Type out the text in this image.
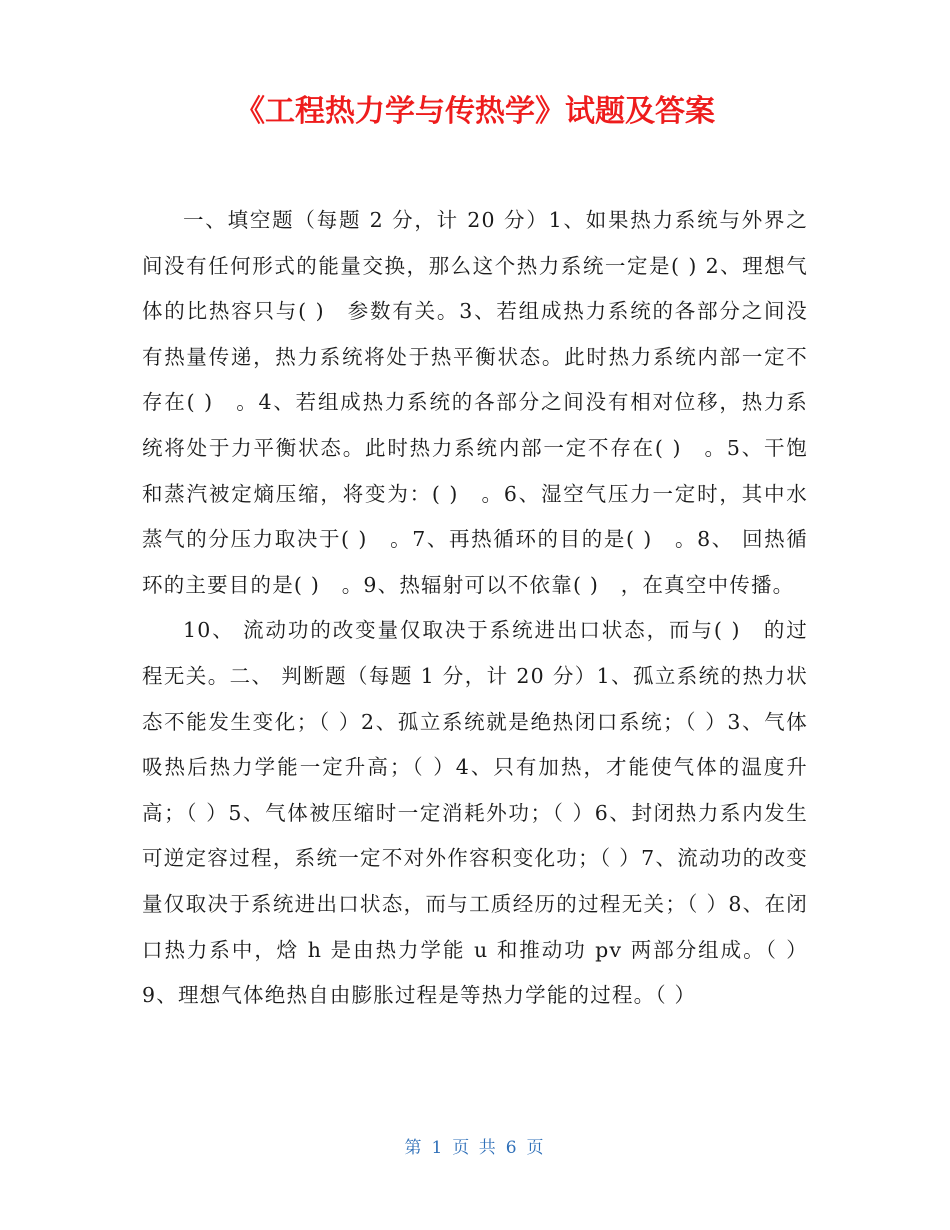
《工程热力学与传热学》试题及答案

一、填空题（每题 2 分，计 20 分）1、如果热力系统与外界之间没有任何形式的能量交换，那么这个热力系统一定是( ) 2、理想气体的比热容只与( )　参数有关。3、若组成热力系统的各部分之间没有热量传递，热力系统将处于热平衡状态。此时热力系统内部一定不存在( )　。4、若组成热力系统的各部分之间没有相对位移，热力系统将处于力平衡状态。此时热力系统内部一定不存在( )　。5、干饱和蒸汽被定熵压缩，将变为：( )　。6、湿空气压力一定时，其中水蒸气的分压力取决于( )　。7、再热循环的目的是( )　。8、 回热循环的主要目的是( )　。9、热辐射可以不依靠( )　，在真空中传播。

10、 流动功的改变量仅取决于系统进出口状态，而与( )　的过程无关。二、 判断题（每题 1 分，计 20 分）1、孤立系统的热力状态不能发生变化；（ ）2、孤立系统就是绝热闭口系统；（ ）3、气体吸热后热力学能一定升高；（ ）4、只有加热，才能使气体的温度升高；（ ）5、气体被压缩时一定消耗外功；（ ）6、封闭热力系内发生可逆定容过程，系统一定不对外作容积变化功；（ ）7、流动功的改变量仅取决于系统进出口状态，而与工质经历的过程无关；（ ）8、在闭口热力系中，焓 h 是由热力学能 u 和推动功 pv 两部分组成。（ ）9、理想气体绝热自由膨胀过程是等热力学能的过程。（ ）

第 1 页 共 6 页
